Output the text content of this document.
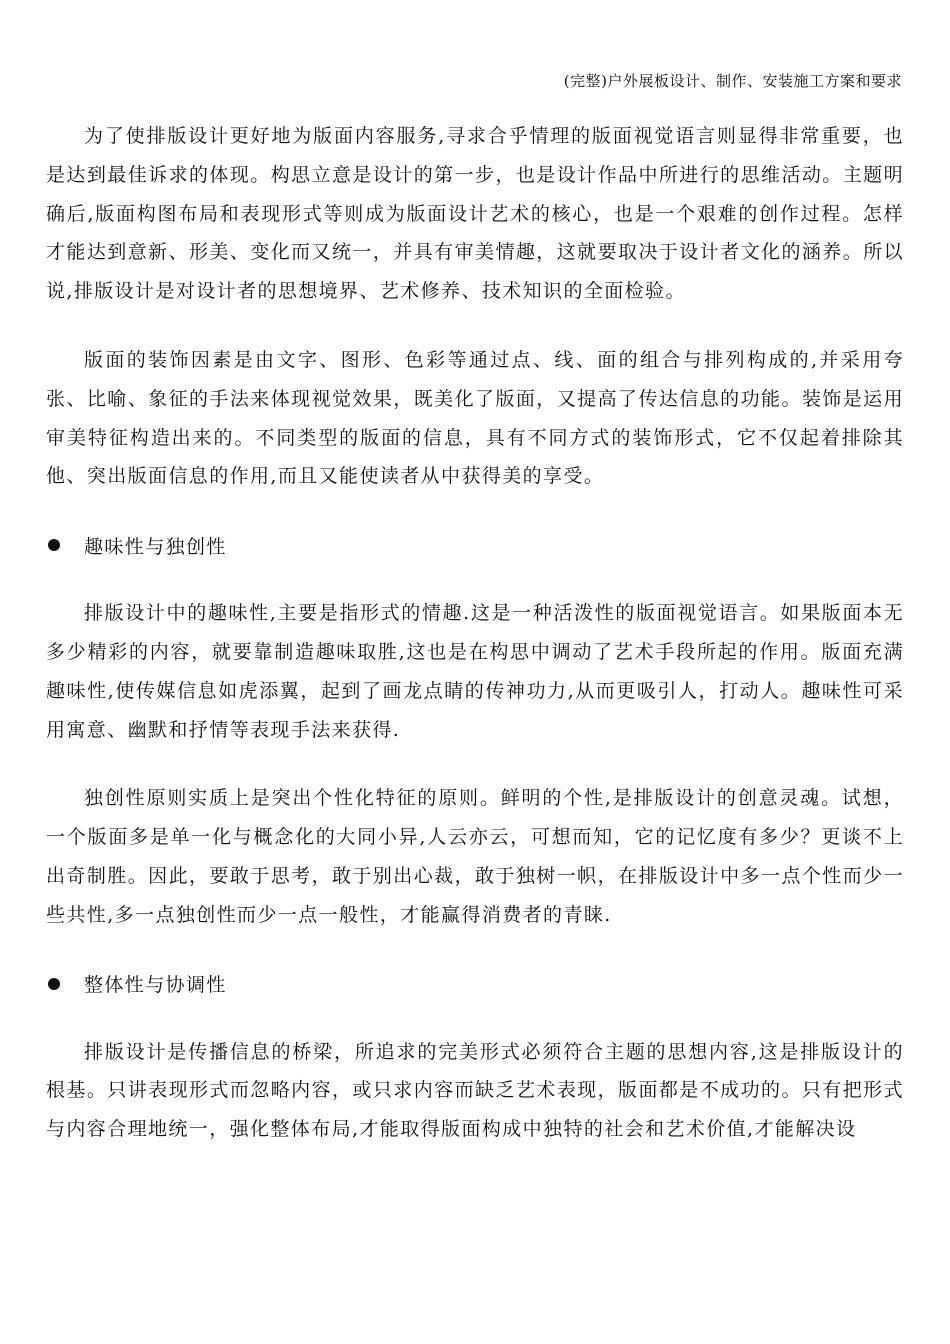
(完整)户外展板设计、制作、安装施工方案和要求

为了使排版设计更好地为版面内容服务,寻求合乎情理的版面视觉语言则显得非常重要，也是达到最佳诉求的体现。构思立意是设计的第一步，也是设计作品中所进行的思维活动。主题明确后,版面构图布局和表现形式等则成为版面设计艺术的核心，也是一个艰难的创作过程。怎样才能达到意新、形美、变化而又统一，并具有审美情趣，这就要取决于设计者文化的涵养。所以说,排版设计是对设计者的思想境界、艺术修养、技术知识的全面检验。

版面的装饰因素是由文字、图形、色彩等通过点、线、面的组合与排列构成的,并采用夸张、比喻、象征的手法来体现视觉效果，既美化了版面，又提高了传达信息的功能。装饰是运用审美特征构造出来的。不同类型的版面的信息，具有不同方式的装饰形式，它不仅起着排除其他、突出版面信息的作用,而且又能使读者从中获得美的享受。

趣味性与独创性

排版设计中的趣味性,主要是指形式的情趣.这是一种活泼性的版面视觉语言。如果版面本无多少精彩的内容，就要靠制造趣味取胜,这也是在构思中调动了艺术手段所起的作用。版面充满趣味性,使传媒信息如虎添翼，起到了画龙点睛的传神功力,从而更吸引人，打动人。趣味性可采用寓意、幽默和抒情等表现手法来获得.

独创性原则实质上是突出个性化特征的原则。鲜明的个性,是排版设计的创意灵魂。试想，一个版面多是单一化与概念化的大同小异,人云亦云，可想而知，它的记忆度有多少？更谈不上出奇制胜。因此，要敢于思考，敢于别出心裁，敢于独树一帜，在排版设计中多一点个性而少一些共性,多一点独创性而少一点一般性，才能赢得消费者的青睐.

整体性与协调性

排版设计是传播信息的桥梁，所追求的完美形式必须符合主题的思想内容,这是排版设计的根基。只讲表现形式而忽略内容，或只求内容而缺乏艺术表现，版面都是不成功的。只有把形式与内容合理地统一，强化整体布局,才能取得版面构成中独特的社会和艺术价值,才能解决设
